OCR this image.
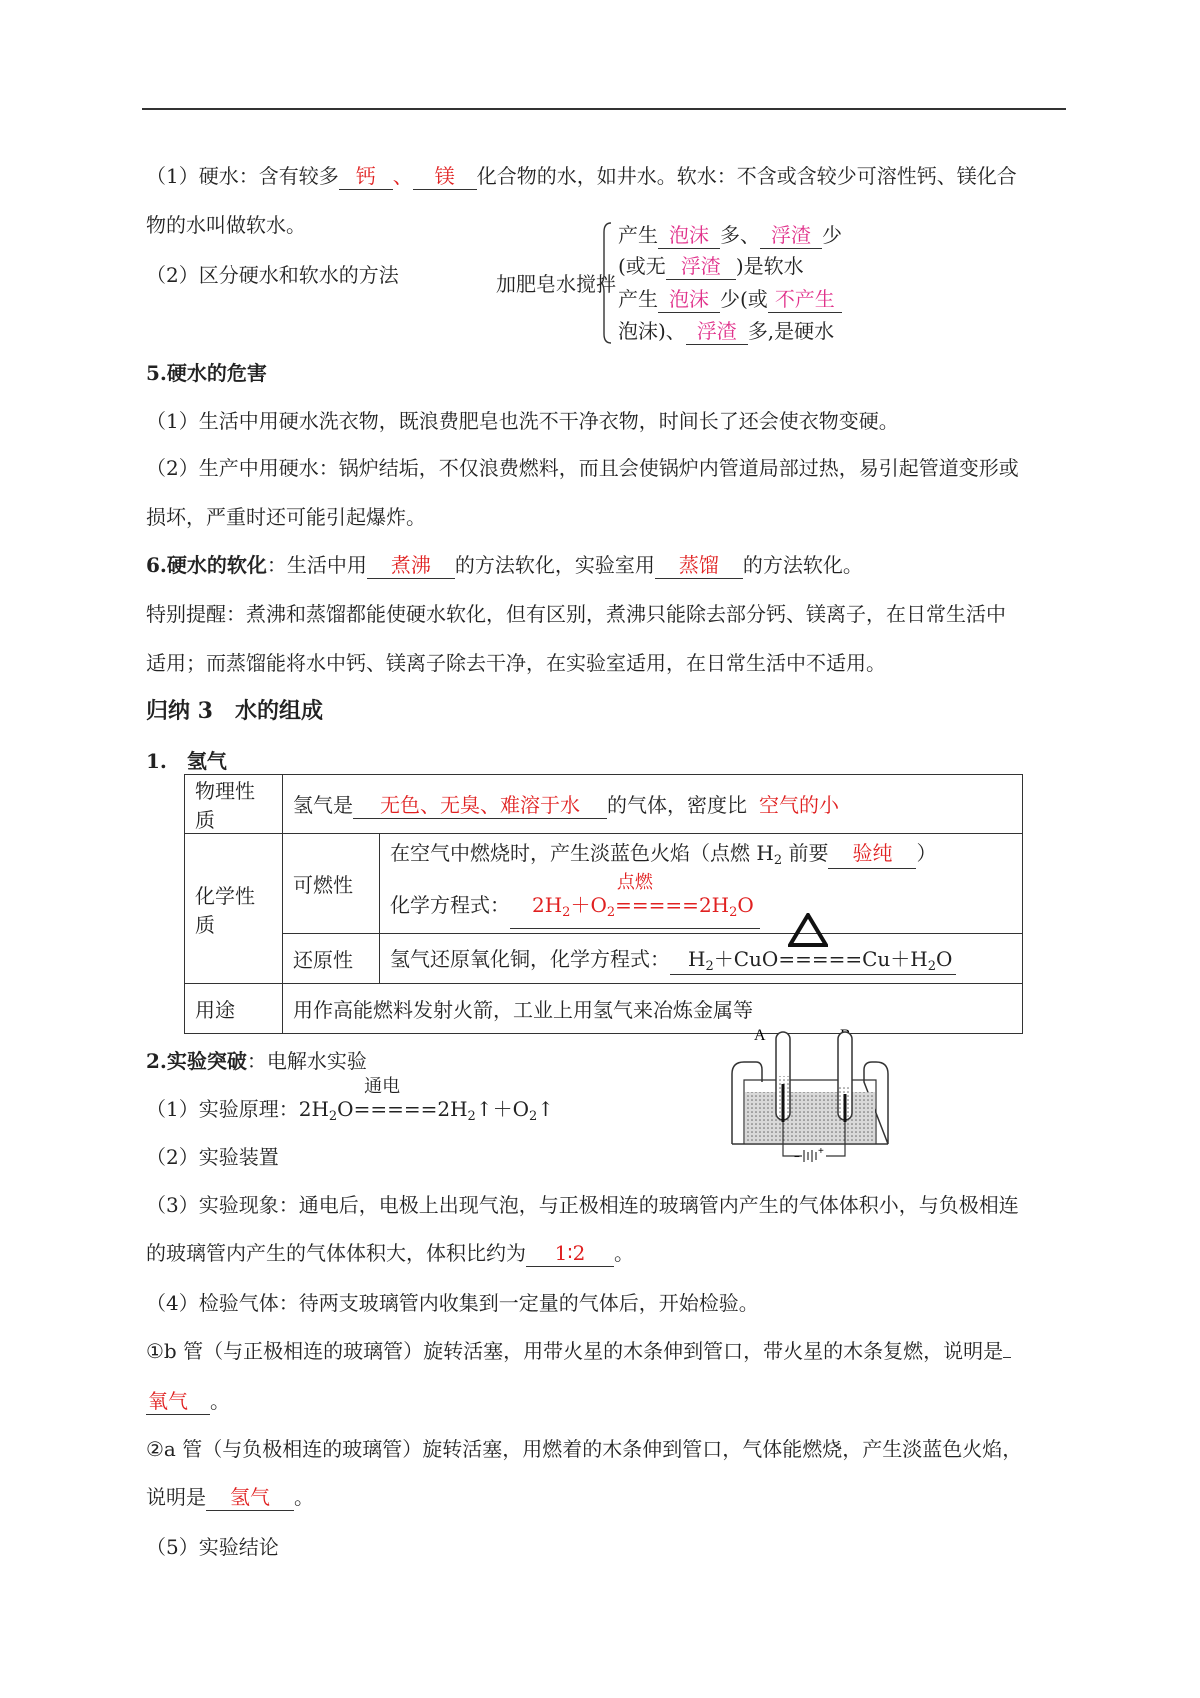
（1）硬水：含有较多 钙 、 镁 化合物的水，如井水。软水：不含或含较少可溶性钙、镁化合
物的水叫做软水。
（2）区分硬水和软水的方法	加肥皂水搅拌
产生 泡沫 多、 浮渣 少
(或无 浮渣 )是软水
产生 泡沫 少(或 不产生
泡沫)、 浮渣 多,是硬水
5.硬水的危害
（1）生活中用硬水洗衣物，既浪费肥皂也洗不干净衣物，时间长了还会使衣物变硬。
（2）生产中用硬水：锅炉结垢，不仅浪费燃料，而且会使锅炉内管道局部过热，易引起管道变形或
损坏，严重时还可能引起爆炸。
6.硬水的软化：生活中用 煮沸 的方法软化，实验室用 蒸馏 的方法软化。
特别提醒：煮沸和蒸馏都能使硬水软化，但有区别，煮沸只能除去部分钙、镁离子，在日常生活中
适用；而蒸馏能将水中钙、镁离子除去干净，在实验室适用，在日常生活中不适用。
归纳 3　水的组成
1.　氢气
物理性质	氢气是 无色、无臭、难溶于水 的气体，密度比 空气的小	
化学性质	可燃性	在空气中燃烧时，产生淡蓝色火焰（点燃 $H_2$ 前要 验纯 ）
化学方程式：
点燃
$2H_2+O_2=====2H_2O$

	还原性	氢气还原氧化铜，化学方程式： $H_2+CuO=====Cu+H_2O$
用途	用作高能燃料发射火箭，工业上用氢气来冶炼金属等	
2.实验突破：电解水实验
（1）实验原理：$2H_2$
通电
$O=====2H_2↑+O_2↑$
（2）实验装置
A
−
+
（3）实验现象：通电后，电极上出现气泡，与正极相连的玻璃管内产生的气体体积小，与负极相连
的玻璃管内产生的气体体积大，体积比约为 1∶2 。
（4）检验气体：待两支玻璃管内收集到一定量的气体后，开始检验。
①b 管（与正极相连的玻璃管）旋转活塞，用带火星的木条伸到管口，带火星的木条复燃，说明是
氧气 。
②a 管（与负极相连的玻璃管）旋转活塞，用燃着的木条伸到管口，气体能燃烧，产生淡蓝色火焰，
说明是 氢气 。
（5）实验结论
